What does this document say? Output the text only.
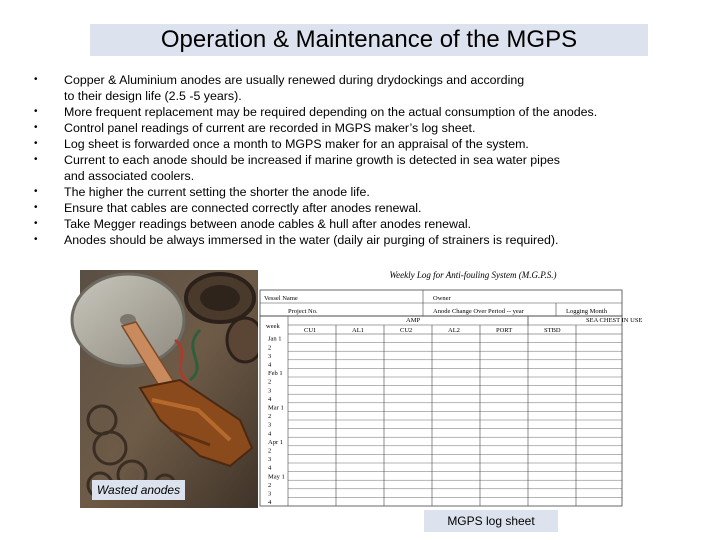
Operation & Maintenance of the MGPS
• Copper & Aluminium anodes are usually renewed during drydockings and according
to their design life (2.5 -5 years).
• More frequent replacement may be required depending on the actual consumption of the anodes.
• Control panel readings of current are recorded in MGPS maker’s log sheet.
• Log sheet is forwarded once a month to MGPS maker for an appraisal of the system.
• Current to each anode should be increased if marine growth is detected in sea water pipes
and associated coolers.
• The higher the current setting the shorter the anode life.
• Ensure that cables are connected correctly after anodes renewal.
• Take Megger readings between anode cables & hull after anodes renewal.
• Anodes should be always immersed in the water (daily air purging of strainers is required).
Wasted anodes
Weekly Log for Anti-fouling System (M.G.P.S.)
Vessel Name	Owner
Project No.	Anode Change Over Period -- year	Logging Month
week
AMP	SEA CHEST IN USE
CU1	AL1	CU2	AL2	PORT	STBD
Jan 1
2
3
4
Feb 1
2
3
4
Mar 1
2
3
4
Apr 1
2
3
4
May 1
2
3
4
MGPS log sheet
